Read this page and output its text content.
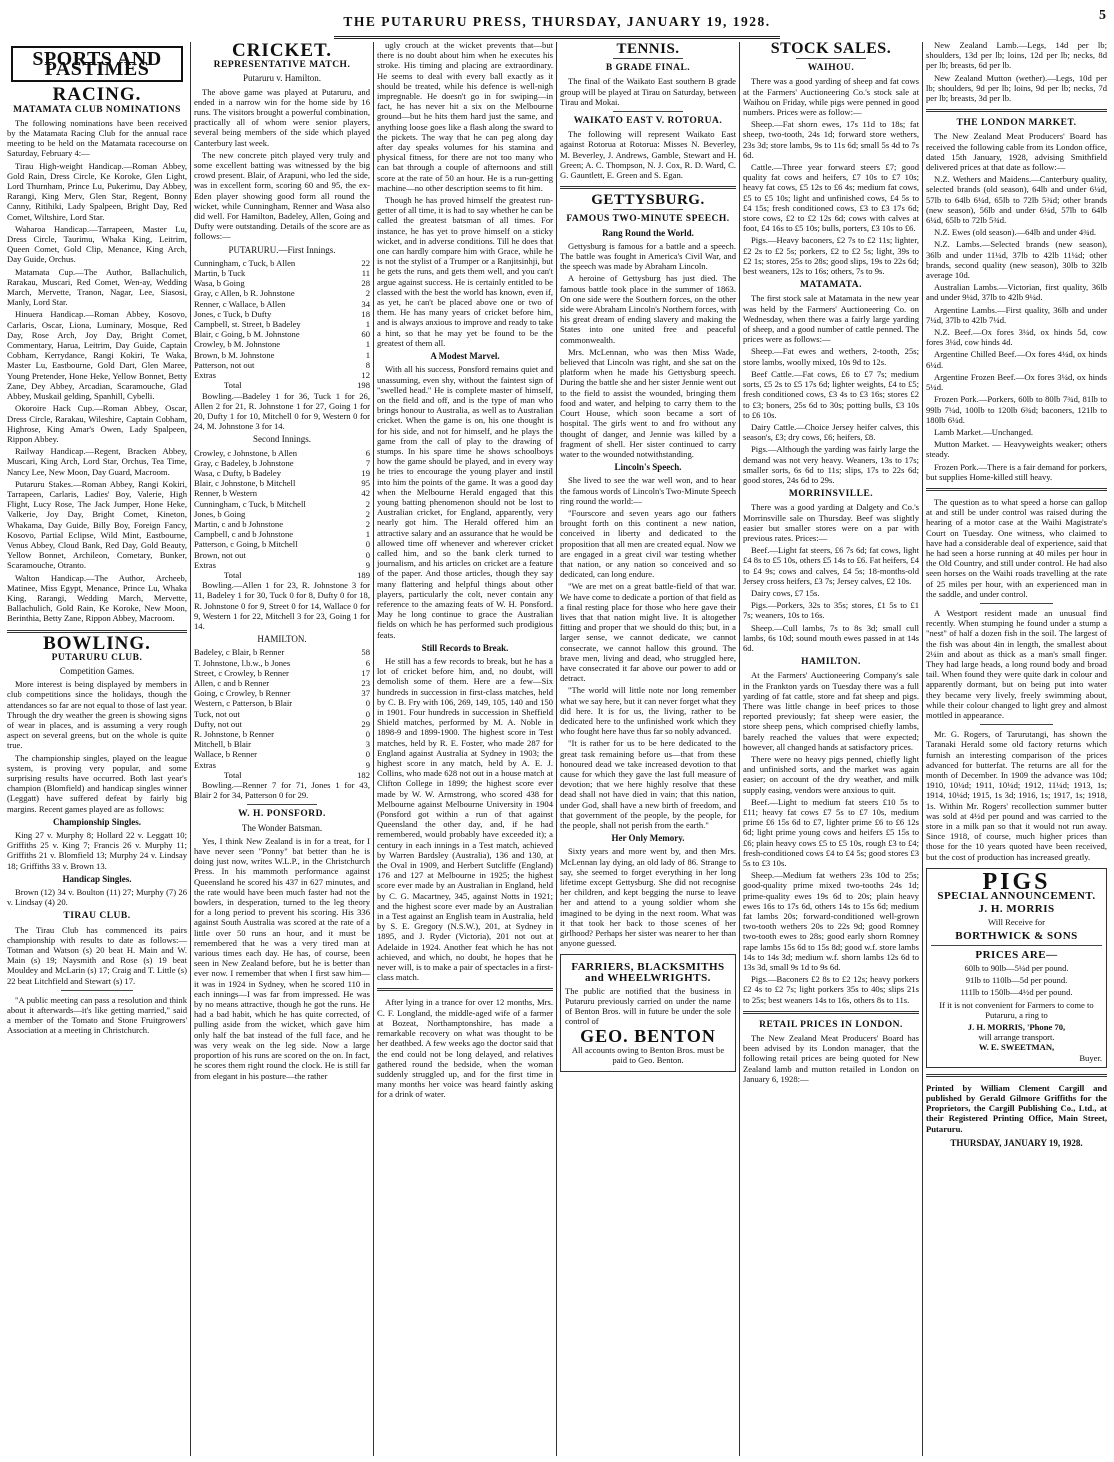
THE PUTARURU PRESS, THURSDAY, JANUARY 19, 1928.	5
SPORTS AND PASTIMES
RACING.
MATAMATA CLUB NOMINATIONS

The following nominations have been received by the Matamata Racing Club for the annual race meeting to be held on the Matamata racecourse on Saturday, February 4:—

Tirau High-weight Handicap.—Roman Abbey, Gold Rain, Dress Circle, Ke Koroke, Glen Light, Lord Thurnham, Prince Lu, Pukerimu, Day Abbey, Rarangi, King Merv, Glen Star, Regent, Bonny Canny, Ritihiki, Lady Spalpeen, Bright Day, Red Comet, Wiltshire, Lord Star.

Waharoa Handicap.—Tarrapeen, Master Lu, Dress Circle, Taurimu, Whaka King, Leitrim, Queen Comet, Gold Clip, Menance, King Arch, Day Guide, Orchus.

Matamata Cup.—The Author, Ballachulich, Rarakau, Muscari, Red Comet, Wen-ay, Wedding March, Mervette, Tranon, Nagar, Lee, Siasosi, Manly, Lord Star.

Hinuera Handicap.—Roman Abbey, Kosovo, Carlaris, Oscar, Liona, Luminary, Mosque, Red Day, Rose Arch, Joy Day, Bright Comet, Commentary, Harua, Leitrim, Day Guide, Captain Cobham, Kerrydance, Rangi Kokiri, Te Waka, Master Lu, Eastbourne, Gold Dart, Glen Maree, Young Pretender, Hone Heke, Yellow Bonnet, Betty Zane, Dey Abbey, Arcadian, Scaramouche, Glad Abbey, Muskail gelding, Spanhill, Cybelli.

Okoroire Hack Cup.—Roman Abbey, Oscar, Dress Circle, Rarakau, Wileshire, Captain Cobham, Highrose, King Amar's Owen, Lady Spalpeen, Rippon Abbey.

Railway Handicap.—Regent, Bracken Abbey, Muscari, King Arch, Lord Star, Orchus, Tea Time, Nancy Lee, New Moon, Day Guard, Macroom.

Putaruru Stakes.—Roman Abbey, Rangi Kokiri, Tarrapeen, Carlaris, Ladies' Boy, Valerie, High Flight, Lucy Rose, The Jack Jumper, Hone Heke, Valkerie, Joy Day, Bright Comet, Kineton, Whakama, Day Guide, Billy Boy, Foreign Fancy, Kosovo, Partial Eclipse, Wild Mint, Eastbourne, Venus Abbey, Cloud Bank, Red Day, Gold Beauty, Yellow Bonnet, Archileon, Cometary, Bunker, Scaramouche, Otranto.

Walton Handicap.—The Author, Archeeb, Matinee, Miss Egypt, Menance, Prince Lu, Whaka King, Rarangi, Wedding March, Mervette, Ballachulich, Gold Rain, Ke Koroke, New Moon, Berinthia, Betty Zane, Rippon Abbey, Macroom.

BOWLING.
PUTARURU CLUB.
Competition Games.

More interest is being displayed by members in club competitions since the holidays, though the attendances so far are not equal to those of last year. Through the dry weather the green is showing signs of wear in places, and is assuming a very rough aspect on several greens, but on the whole is quite true.

The championship singles, played on the league system, is proving very popular, and some surprising results have occurred. Both last year's champion (Blomfield) and handicap singles winner (Leggatt) have suffered defeat by fairly big margins. Recent games played are as follows:

Championship Singles.

King 27 v. Murphy 8; Hollard 22 v. Leggatt 10; Griffiths 25 v. King 7; Francis 26 v. Murphy 11; Griffiths 21 v. Blomfield 13; Murphy 24 v. Lindsay 18; Griffiths 33 v. Brown 13.

Handicap Singles.

Brown (12) 34 v. Boulton (11) 27; Murphy (7) 26 v. Lindsay (4) 20.

TIRAU CLUB.

The Tirau Club has commenced its pairs championship with results to date as follows:—Totman and Watson (s) 20 beat H. Main and W. Main (s) 19; Naysmith and Rose (s) 19 beat Mouldey and McLarin (s) 17; Craig and T. Little (s) 22 beat Litchfield and Stewart (s) 17.

"A public meeting can pass a resolution and think about it afterwards—it's like getting married," said a member of the Tomato and Stone Fruitgrowers' Association at a meeting in Christchurch.

CRICKET.
REPRESENTATIVE MATCH.
Putaruru v. Hamilton.

The above game was played at Putaruru, and ended in a narrow win for the home side by 16 runs. The visitors brought a powerful combination, practically all of whom were senior players, several being members of the side which played Canterbury last week.

The new concrete pitch played very truly and some excellent batting was witnessed by the big crowd present. Blair, of Arapuni, who led the side, was in excellent form, scoring 60 and 95, the ex-Eden player showing good form all round the wicket, while Cunningham, Renner and Wasa also did well. For Hamilton, Badeley, Allen, Going and Dufty were outstanding. Details of the score are as follows:—

PUTARURU.—First Innings.
Cunningham, c Tuck, b Allen	22
Martin, b Tuck	11
Wasa, b Going	28
Gray, c Allen, b R. Johnstone	2
Renner, c Wallace, b Allen	34
Jones, c Tuck, b Dufty	18
Campbell, st. Street, b Badeley	1
Blair, c Going, b M. Johnstone	60
Crowley, b M. Johnstone	1
Brown, b M. Johnstone	1
Patterson, not out	8
Extras	12
Total	198

Bowling.—Badeley 1 for 36, Tuck 1 for 26, Allen 2 for 21, R. Johnstone 1 for 27, Going 1 for 20, Dufty 1 for 10, Mitchell 0 for 9, Western 0 for 24, M. Johnstone 3 for 14.

Second Innings.
Crowley, c Johnstone, b Allen	6
Gray, c Badeley, b Johnstone	7
Wasa, c Dufty, b Badeley	19
Blair, c Johnstone, b Mitchell	95
Renner, b Western	42
Cunningham, c Tuck, b Mitchell	2
Jones, b Going	2
Martin, c and b Johnstone	2
Campbell, c and b Johnstone	1
Patterson, c Going, b Mitchell	0
Brown, not out	0
Extras	9
Total	189

Bowling.—Allen 1 for 23, R. Johnstone 3 for 11, Badeley 1 for 30, Tuck 0 for 8, Dufty 0 for 18, R. Johnstone 0 for 9, Street 0 for 14, Wallace 0 for 9, Western 1 for 22, Mitchell 3 for 23, Going 1 for 14.

HAMILTON.
Badeley, c Blair, b Renner	58
T. Johnstone, l.b.w., b Jones	6
Street, c Crowley, b Renner	17
Allen, c and b Renner	23
Going, c Crowley, b Renner	37
Western, c Patterson, b Blair	0
Tuck, not out	0
Dufty, not out	29
R. Johnstone, b Renner	0
Mitchell, b Blair	3
Wallace, b Renner	0
Extras	9
Total	182

Bowling.—Renner 7 for 71, Jones 1 for 43, Blair 2 for 34, Patterson 0 for 29.

W. H. PONSFORD.
The Wonder Batsman.

Yes, I think New Zealand is in for a treat, for I have never seen "Ponny" bat better than he is doing just now, writes W.L.P., in the Christchurch Press. In his mammoth performance against Queensland he scored his 437 in 627 minutes, and the rate would have been much faster had not the bowlers, in desperation, turned to the leg theory for a long period to prevent his scoring. His 336 against South Australia was scored at the rate of a little over 50 runs an hour, and it must be remembered that he was a very tired man at various times each day. He has, of course, been seen in New Zealand before, but he is better than ever now. I remember that when I first saw him—it was in 1924 in Sydney, when he scored 110 in each innings—I was far from impressed. He was by no means attractive, though he got the runs. He had a bad habit, which he has quite corrected, of pulling aside from the wicket, which gave him only half the bat instead of the full face, and he was very weak on the leg side. Now a large proportion of his runs are scored on the on. In fact, he scores them right round the clock. He is still far from elegant in his posture—the rather

ugly crouch at the wicket prevents that—but there is no doubt about him when he executes his stroke. His timing and placing are extraordinary. He seems to deal with every ball exactly as it should be treated, while his defence is well-nigh impregnable. He doesn't go in for swiping—in fact, he has never hit a six on the Melbourne ground—but he hits them hard just the same, and anything loose goes like a flash along the sward to the pickets. The way that he can peg along day after day speaks volumes for his stamina and physical fitness, for there are not too many who can bat through a couple of afternoons and still score at the rate of 50 an hour. He is a run-getting machine—no other description seems to fit him.

Though he has proved himself the greatest run-getter of all time, it is had to say whether he can be called the greatest batsman of all times. For instance, he has yet to prove himself on a sticky wicket, and in adverse conditions. Till he does that one can hardly compare him with Grace, while he is not the stylist of a Trumper or a Ranjitsinhji, but he gets the runs, and gets them well, and you can't argue against success. He is certainly entitled to be classed with the best the world has known, even if, as yet, he can't be placed above one or two of them. He has many years of cricket before him, and is always anxious to improve and ready to take a hint, so that he may yet be found to be the greatest of them all.

A Modest Marvel.

With all his success, Ponsford remains quiet and unassuming, even shy, without the faintest sign of "swelled head." He is complete master of himself, on the field and off, and is the type of man who brings honour to Australia, as well as to Australian cricket. When the game is on, his one thought is for his side, and not for himself, and he plays the game from the call of play to the drawing of stumps. In his spare time he shows schoolboys how the game should be played, and in every way he tries to encourage the young player and instil into him the points of the game. It was a good day when the Melbourne Herald engaged that this young batting phenomenon should not be lost to Australian cricket, for England, apparently, very nearly got him. The Herald offered him an attractive salary and an assurance that he would be allowed time off whenever and wherever cricket called him, and so the bank clerk turned to journalism, and his articles on cricket are a feature of the paper. And those articles, though they say many flattering and helpful things about other players, particularly the colt, never contain any reference to the amazing feats of W. H. Ponsford. May he long continue to grace the Australian fields on which he has performed such prodigious feats.

Still Records to Break.

He still has a few records to break, but he has a lot of cricket before him, and, no doubt, will demolish some of them. Here are a few—Six hundreds in succession in first-class matches, held by C. B. Fry with 106, 269, 149, 105, 140 and 150 in 1901. Four hundreds in succession in Sheffield Shield matches, performed by M. A. Noble in 1898-9 and 1899-1900. The highest score in Test matches, held by R. E. Foster, who made 287 for England against Australia at Sydney in 1903; the highest score in any match, held by A. E. J. Collins, who made 628 not out in a house match at Clifton College in 1899; the highest score ever made by W. W. Armstrong, who scored 438 for Melbourne against Melbourne University in 1904 (Ponsford got within a run of that against Queensland the other day, and, if he had remembered, would probably have exceeded it); a century in each innings in a Test match, achieved by Warren Bardsley (Australia), 136 and 130, at the Oval in 1909, and Herbert Sutcliffe (England) 176 and 127 at Melbourne in 1925; the highest score ever made by an Australian in England, held by C. G. Macartney, 345, against Notts in 1921; and the highest score ever made by an Australian in a Test against an English team in Australia, held by S. E. Gregory (N.S.W.), 201, at Sydney in 1895, and J. Ryder (Victoria), 201 not out at Adelaide in 1924. Another feat which he has not achieved, and which, no doubt, he hopes that he never will, is to make a pair of spectacles in a first-class match.

After lying in a trance for over 12 months, Mrs. C. F. Longland, the middle-aged wife of a farmer at Bozeat, Northamptonshire, has made a remarkable recovery on what was thought to be her deathbed. A few weeks ago the doctor said that the end could not be long delayed, and relatives gathered round the bedside, when the woman suddenly struggled up, and for the first time in many months her voice was heard faintly asking for a drink of water.

TENNIS.
B GRADE FINAL.

The final of the Waikato East southern B grade group will be played at Tirau on Saturday, between Tirau and Mokai.

WAIKATO EAST V. ROTORUA.

The following will represent Waikato East against Rotorua at Rotorua: Misses N. Beverley, M. Beverley, J. Andrews, Gamble, Stewart and H. Green; A. C. Thompson, N. J. Cox, R. D. Ward, C. G. Gauntlett, E. Green and S. Egan.

GETTYSBURG.
FAMOUS TWO-MINUTE SPEECH.
Rang Round the World.

Gettysburg is famous for a battle and a speech. The battle was fought in America's Civil War, and the speech was made by Abraham Lincoln.

A heroine of Gettysburg has just died. The famous battle took place in the summer of 1863. On one side were the Southern forces, on the other side were Abraham Lincoln's Northern forces, with his great dream of ending slavery and making the States into one united free and peaceful commonwealth.

Mrs. McLennan, who was then Miss Wade, believed that Lincoln was right, and she sat on the platform when he made his Gettysburg speech. During the battle she and her sister Jennie went out to the field to assist the wounded, bringing them food and water, and helping to carry them to the Court House, which soon became a sort of hospital. The girls went to and fro without any thought of danger, and Jennie was killed by a fragment of shell. Her sister continued to carry water to the wounded notwithstanding.

Lincoln's Speech.

She lived to see the war well won, and to hear the famous words of Lincoln's Two-Minute Speech ring round the world:—

"Fourscore and seven years ago our fathers brought forth on this continent a new nation, conceived in liberty and dedicated to the proposition that all men are created equal. Now we are engaged in a great civil war testing whether that nation, or any nation so conceived and so dedicated, can long endure.

"We are met on a great battle-field of that war. We have come to dedicate a portion of that field as a final resting place for those who here gave their lives that that nation might live. It is altogether fitting and proper that we should do this; but, in a larger sense, we cannot dedicate, we cannot consecrate, we cannot hallow this ground. The brave men, living and dead, who struggled here, have consecrated it far above our power to add or detract.

"The world will little note nor long remember what we say here, but it can never forget what they did here. It is for us, the living, rather to be dedicated here to the unfinished work which they who fought here have thus far so nobly advanced.

"It is rather for us to be here dedicated to the great task remaining before us—that from these honoured dead we take increased devotion to that cause for which they gave the last full measure of devotion; that we here highly resolve that these dead shall not have died in vain; that this nation, under God, shall have a new birth of freedom, and that government of the people, by the people, for the people, shall not perish from the earth."

Her Only Memory.

Sixty years and more went by, and then Mrs. McLennan lay dying, an old lady of 86. Strange to say, she seemed to forget everything in her long lifetime except Gettysburg. She did not recognise her children, and kept begging the nurse to leave her and attend to a young soldier whom she imagined to be dying in the next room. What was it that took her back to those scenes of her girlhood? Perhaps her sister was nearer to her than anyone guessed.

FARRIERS, BLACKSMITHS and WHEELWRIGHTS.

The public are notified that the business in Putaruru previously carried on under the name of Benton Bros. will in future be under the sole control of

GEO. BENTON

All accounts owing to Benton Bros. must be paid to Geo. Benton.

STOCK SALES.
WAIHOU.

There was a good yarding of sheep and fat cows at the Farmers' Auctioneering Co.'s stock sale at Waihou on Friday, while pigs were penned in good numbers. Prices were as follow:—

Sheep.—Fat shorn ewes, 17s 11d to 18s; fat sheep, two-tooth, 24s 1d; forward store wethers, 23s 3d; store lambs, 9s to 11s 6d; small 5s 4d to 7s 6d.

Cattle.—Three year forward steers £7; good quality fat cows and heifers, £7 10s to £7 10s; heavy fat cows, £5 12s to £6 4s; medium fat cows, £5 to £5 10s; light and unfinished cows, £4 5s to £4 15s; fresh conditioned cows, £3 to £3 17s 6d; store cows, £2 to £2 12s 6d; cows with calves at foot, £4 16s to £5 10s; bulls, porters, £3 10s to £6.

Pigs.—Heavy baconers, £2 7s to £2 11s; lighter, £2 2s to £2 5s; porkers, £2 to £2 5s; light, 39s to £2 1s; stores, 25s to 28s; good slips, 19s to 22s 6d; best weaners, 12s to 16s; others, 7s to 9s.

MATAMATA.

The first stock sale at Matamata in the new year was held by the Farmers' Auctioneering Co. on Wednesday, when there was a fairly large yarding of sheep, and a good number of cattle penned. The prices were as follows:—

Sheep.—Fat ewes and wethers, 2-tooth, 25s; store lambs, woolly mixed, 10s 9d to 12s.

Beef Cattle.—Fat cows, £6 to £7 7s; medium sorts, £5 2s to £5 17s 6d; lighter weights, £4 to £5; fresh conditioned cows, £3 4s to £3 16s; stores £2 to £3; boners, 25s 6d to 30s; potting bulls, £3 10s to £6 10s.

Dairy Cattle.—Choice Jersey heifer calves, this season's, £3; dry cows, £6; heifers, £8.

Pigs.—Although the yarding was fairly large the demand was not very heavy. Weaners, 13s to 17s; smaller sorts, 6s 6d to 11s; slips, 17s to 22s 6d; good stores, 24s 6d to 29s.

MORRINSVILLE.

There was a good yarding at Dalgety and Co.'s Morrinsville sale on Thursday. Beef was slightly easier but smaller stores were on a par with previous rates. Prices:—

Beef.—Light fat steers, £6 7s 6d; fat cows, light £4 8s to £5 10s, others £5 14s to £6. Fat heifers, £4 to £4 9s; cows and calves, £4 5s; 18-months-old Jersey cross heifers, £3 7s; Jersey calves, £2 10s.

Dairy cows, £7 15s.

Pigs.—Porkers, 32s to 35s; stores, £1 5s to £1 7s; weaners, 10s to 16s.

Sheep.—Cull lambs, 7s to 8s 3d; small cull lambs, 6s 10d; sound mouth ewes passed in at 14s 6d.

HAMILTON.

At the Farmers' Auctioneering Company's sale in the Frankton yards on Tuesday there was a full yarding of fat cattle, store and fat sheep and pigs. There was little change in beef prices to those reported previously; fat sheep were easier, the store sheep pens, which comprised chiefly lambs, barely reached the values that were expected; however, all changed hands at satisfactory prices.

There were no heavy pigs penned, chiefly light and unfinished sorts, and the market was again easier; on account of the dry weather, and milk supply easing, vendors were anxious to quit.

Beef.—Light to medium fat steers £10 5s to £11; heavy fat cows £7 5s to £7 10s, medium prime £6 15s 6d to £7, lighter prime £6 to £6 12s 6d; light prime young cows and heifers £5 15s to £6; plain heavy cows £5 to £5 10s, rough £3 to £4; fresh-conditioned cows £4 to £4 5s; good stores £3 5s to £3 10s.

Sheep.—Medium fat wethers 23s 10d to 25s; good-quality prime mixed two-tooths 24s 1d; prime-quality ewes 19s 6d to 20s; plain heavy ewes 16s to 17s 6d, others 14s to 15s 6d; medium fat lambs 20s; forward-conditioned well-grown two-tooth wethers 20s to 22s 9d; good Romney two-tooth ewes to 28s; good early shorn Romney rape lambs 15s 6d to 15s 8d; good w.f. store lambs 14s to 14s 3d; medium w.f. shorn lambs 12s 6d to 13s 3d, small 9s 1d to 9s 6d.

Pigs.—Baconers £2 8s to £2 12s; heavy porkers £2 4s to £2 7s; light porkers 35s to 40s; slips 21s to 25s; best weaners 14s to 16s, others 8s to 11s.

RETAIL PRICES IN LONDON.

The New Zealand Meat Producers' Board has been advised by its London manager, that the following retail prices are being quoted for New Zealand lamb and mutton retailed in London on January 6, 1928:—

New Zealand Lamb.—Legs, 14d per lb; shoulders, 13d per lb; loins, 12d per lb; necks, 8d per lb; breasts, 6d per lb.

New Zealand Mutton (wether).—Legs, 10d per lb; shoulders, 9d per lb; loins, 9d per lb; necks, 7d per lb; breasts, 3d per lb.

THE LONDON MARKET.

The New Zealand Meat Producers' Board has received the following cable from its London office, dated 15th January, 1928, advising Smithfield delivered prices at that date as follow:—

N.Z. Wethers and Maidens.—Canterbury quality, selected brands (old season), 64lb and under 6¼d, 57lb to 64lb 6¼d, 65lb to 72lb 5¾d; other brands (new season), 56lb and under 6¼d, 57lb to 64lb 6¼d, 65lb to 72lb 5¾d.

N.Z. Ewes (old season).—64lb and under 4¾d.

N.Z. Lambs.—Selected brands (new season), 36lb and under 11¼d, 37lb to 42lb 11¼d; other brands, second quality (new season), 30lb to 32lb average 10d.

Australian Lambs.—Victorian, first quality, 36lb and under 9¼d, 37lb to 42lb 9¼d.

Argentine Lambs.—First quality, 36lb and under 7¼d, 37lb to 42lb 7¼d.

N.Z. Beef.—Ox fores 3¼d, ox hinds 5d, cow fores 3¼d, cow hinds 4d.

Argentine Chilled Beef.—Ox fores 4¼d, ox hinds 6¼d.

Argentine Frozen Beef.—Ox fores 3¼d, ox hinds 5¼d.

Frozen Pork.—Porkers, 60lb to 80lb 7¾d, 81lb to 99lb 7¼d, 100lb to 120lb 6¾d; baconers, 121lb to 180lb 6¼d.

Lamb Market.—Unchanged.

Mutton Market. — Heavyweights weaker; others steady.

Frozen Pork.—There is a fair demand for porkers, but supplies Home-killed still heavy.

The question as to what speed a horse can gallop at and still be under control was raised during the hearing of a motor case at the Waihi Magistrate's Court on Tuesday. One witness, who claimed to have had a considerable deal of experience, said that he had seen a horse running at 40 miles per hour in the Old Country, and still under control. He had also seen horses on the Waihi roads travelling at the rate of 25 miles per hour, with an experienced man in the saddle, and under control.

A Westport resident made an unusual find recently. When stumping he found under a stump a "nest" of half a dozen fish in the soil. The largest of the fish was about 4in in length, the smallest about 2¼in and about as thick as a man's small finger. They had large heads, a long round body and broad tail. When found they were quite dark in colour and apparently dormant, but on being put into water they became very lively, freely swimming about, while their colour changed to light grey and almost mottled in appearance.

Mr. G. Rogers, of Tarurutangi, has shown the Taranaki Herald some old factory returns which furnish an interesting comparison of the prices advanced for butterfat. The returns are all for the month of December. In 1909 the advance was 10d; 1910, 10¼d; 1911, 10¼d; 1912, 11¼d; 1913, 1s; 1914, 10¼d; 1915, 1s 3d; 1916, 1s; 1917, 1s; 1918, 1s. Within Mr. Rogers' recollection summer butter was sold at 4½d per pound and was carried to the store in a milk pan so that it would not run away. Since 1918, of course, much higher prices than those for the 10 years quoted have been received, but the cost of production has increased greatly.

PIGS
SPECIAL ANNOUNCEMENT.
J. H. MORRIS
Will Receive for
BORTHWICK & SONS
PRICES ARE—

60lb to 90lb—5¼d per pound.

91lb to 110lb—5d per pound.

111lb to 150lb—4½d per pound.

If it is not convenient for Farmers to come to Putaruru, a ring to

J. H. MORRIS, 'Phone 70,
will arrange transport.
W. E. SWEETMAN,
Buyer.

Printed by William Clement Cargill and published by Gerald Gilmore Griffiths for the Proprietors, the Cargill Publishing Co., Ltd., at their Registered Printing Office, Main Street, Putaruru.

THURSDAY, JANUARY 19, 1928.
